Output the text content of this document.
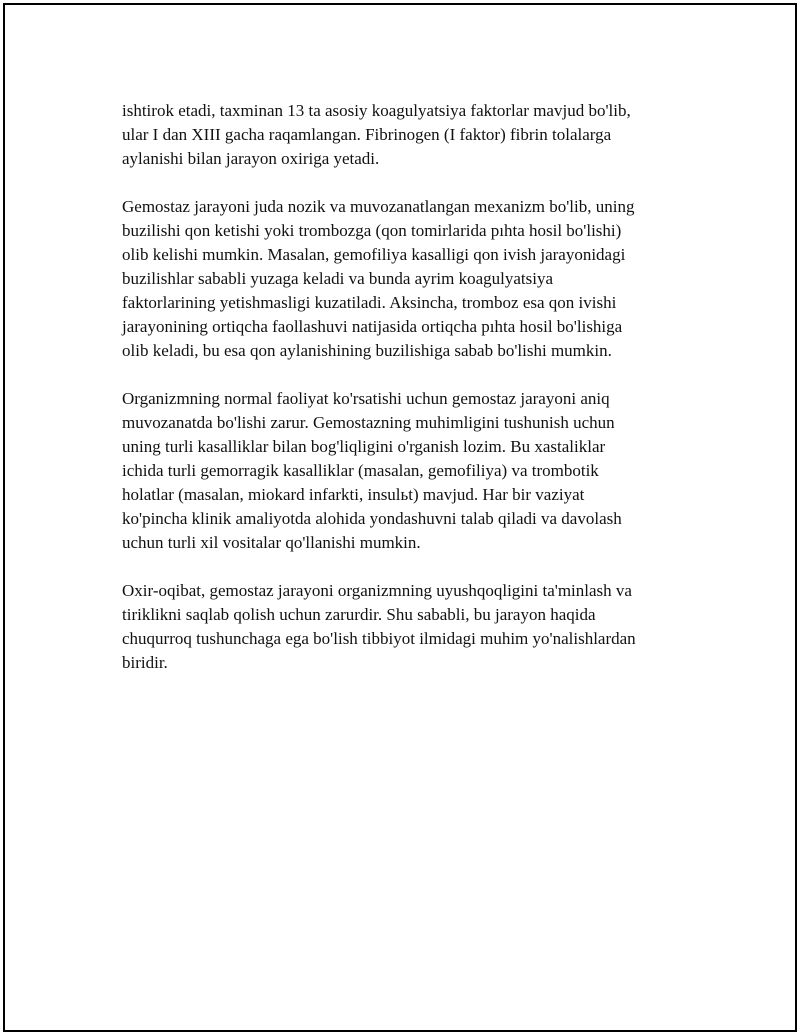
ishtirok etadi, taxminan 13 ta asosiy koagulyatsiya faktorlar mavjud bo'lib,
ular I dan XIII gacha raqamlangan. Fibrinogen (I faktor) fibrin tolalarga
aylanishi bilan jarayon oxiriga yetadi.

Gemostaz jarayoni juda nozik va muvozanatlangan mexanizm bo'lib, uning
buzilishi qon ketishi yoki trombozga (qon tomirlarida pıhta hosil bo'lishi)
olib kelishi mumkin. Masalan, gemofiliya kasalligi qon ivish jarayonidagi
buzilishlar sababli yuzaga keladi va bunda ayrim koagulyatsiya
faktorlarining yetishmasligi kuzatiladi. Aksincha, tromboz esa qon ivishi
jarayonining ortiqcha faollashuvi natijasida ortiqcha pıhta hosil bo'lishiga
olib keladi, bu esa qon aylanishining buzilishiga sabab bo'lishi mumkin.

Organizmning normal faoliyat ko'rsatishi uchun gemostaz jarayoni aniq
muvozanatda bo'lishi zarur. Gemostazning muhimligini tushunish uchun
uning turli kasalliklar bilan bog'liqligini o'rganish lozim. Bu xastaliklar
ichida turli gemorragik kasalliklar (masalan, gemofiliya) va trombotik
holatlar (masalan, miokard infarkti, insulьt) mavjud. Har bir vaziyat
ko'pincha klinik amaliyotda alohida yondashuvni talab qiladi va davolash
uchun turli xil vositalar qo'llanishi mumkin.

Oxir-oqibat, gemostaz jarayoni organizmning uyushqoqligini ta'minlash va
tiriklikni saqlab qolish uchun zarurdir. Shu sababli, bu jarayon haqida
chuqurroq tushunchaga ega bo'lish tibbiyot ilmidagi muhim yo'nalishlardan
biridir.
